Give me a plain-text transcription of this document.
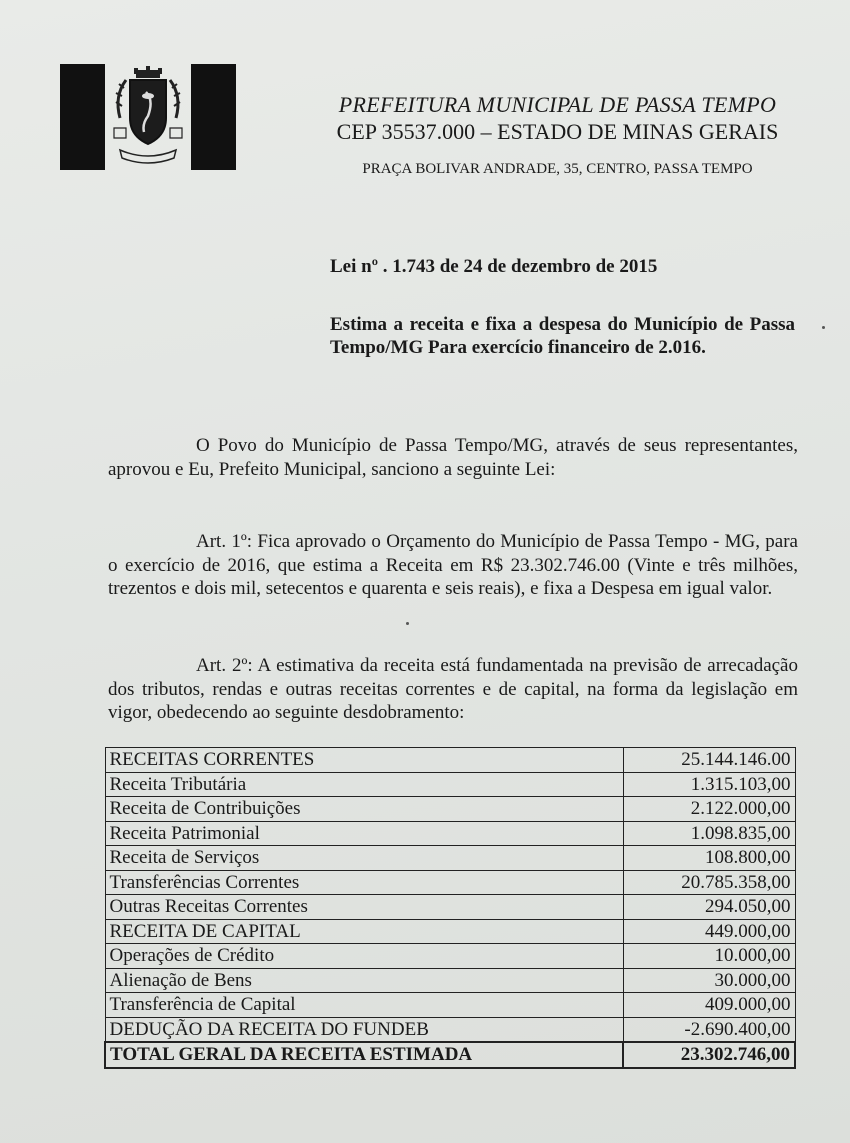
PREFEITURA MUNICIPAL DE PASSA TEMPO
CEP 35537.000 – ESTADO DE MINAS GERAIS
PRAÇA BOLIVAR ANDRADE, 35, CENTRO, PASSA TEMPO
Lei nº . 1.743 de 24 de dezembro de 2015
Estima a receita e fixa a despesa do Município de Passa Tempo/MG Para exercício financeiro de 2.016.
O Povo do Município de Passa Tempo/MG, através de seus representantes, aprovou e Eu, Prefeito Municipal, sanciono a seguinte Lei:
Art. 1º: Fica aprovado o Orçamento do Município de Passa Tempo - MG, para o exercício de 2016, que estima a Receita em R$ 23.302.746.00 (Vinte e três milhões, trezentos e dois mil, setecentos e quarenta e seis reais), e fixa a Despesa em igual valor.
Art. 2º: A estimativa da receita está fundamentada na previsão de arrecadação dos tributos, rendas e outras receitas correntes e de capital, na forma da legislação em vigor, obedecendo ao seguinte desdobramento:
RECEITAS CORRENTES	25.144.146.00
Receita Tributária	1.315.103,00
Receita de Contribuições	2.122.000,00
Receita Patrimonial	1.098.835,00
Receita de Serviços	108.800,00
Transferências Correntes	20.785.358,00
Outras Receitas Correntes	294.050,00
RECEITA DE CAPITAL	449.000,00
Operações de Crédito	10.000,00
Alienação de Bens	30.000,00
Transferência de Capital	409.000,00
DEDUÇÃO DA RECEITA DO FUNDEB	-2.690.400,00
TOTAL GERAL DA RECEITA ESTIMADA	23.302.746,00
